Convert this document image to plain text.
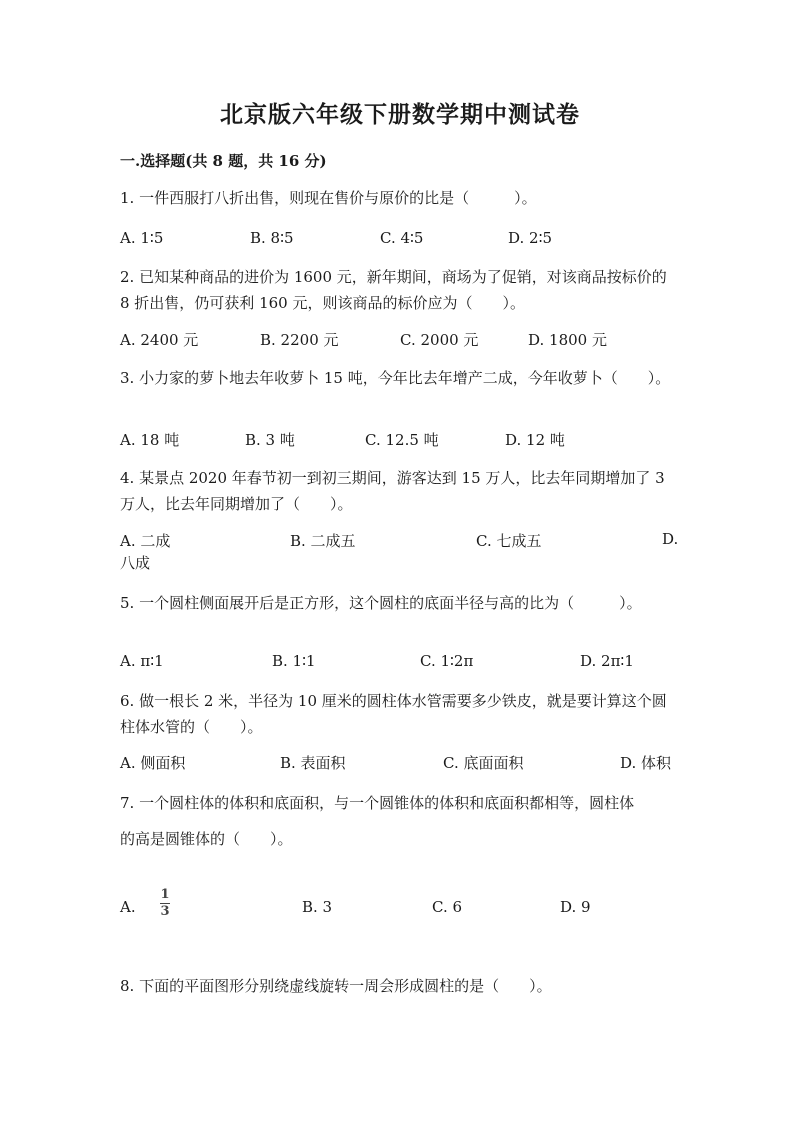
北京版六年级下册数学期中测试卷
一.选择题(共 8 题，共 16 分)
1. 一件西服打八折出售，则现在售价与原价的比是（　　　）。
A. 1∶5	B. 8∶5	C. 4∶5	D. 2∶5
2. 已知某种商品的进价为 1600 元，新年期间，商场为了促销，对该商品按标价的 8 折出售，仍可获利 160 元，则该商品的标价应为（　　）。
A. 2400 元	B. 2200 元	C. 2000 元	D. 1800 元
3. 小力家的萝卜地去年收萝卜 15 吨，今年比去年增产二成，今年收萝卜（　　）。
A. 18 吨	B. 3 吨	C. 12.5 吨	D. 12 吨
4. 某景点 2020 年春节初一到初三期间，游客达到 15 万人，比去年同期增加了 3 万人，比去年同期增加了（　　）。
A. 二成	B. 二成五	C. 七成五	D.
八成
5. 一个圆柱侧面展开后是正方形，这个圆柱的底面半径与高的比为（　　　）。
A. π∶1	B. 1∶1	C. 1∶2π	D. 2π∶1
6. 做一根长 2 米，半径为 10 厘米的圆柱体水管需要多少铁皮，就是要计算这个圆柱体水管的（　　）。
A. 侧面积	B. 表面积	C. 底面面积	D. 体积
7. 一个圆柱体的体积和底面积，与一个圆锥体的体积和底面积都相等，圆柱体
的高是圆锥体的（　　）。
A.
1
3	B. 3	C. 6	D. 9
8. 下面的平面图形分别绕虚线旋转一周会形成圆柱的是（　　）。
